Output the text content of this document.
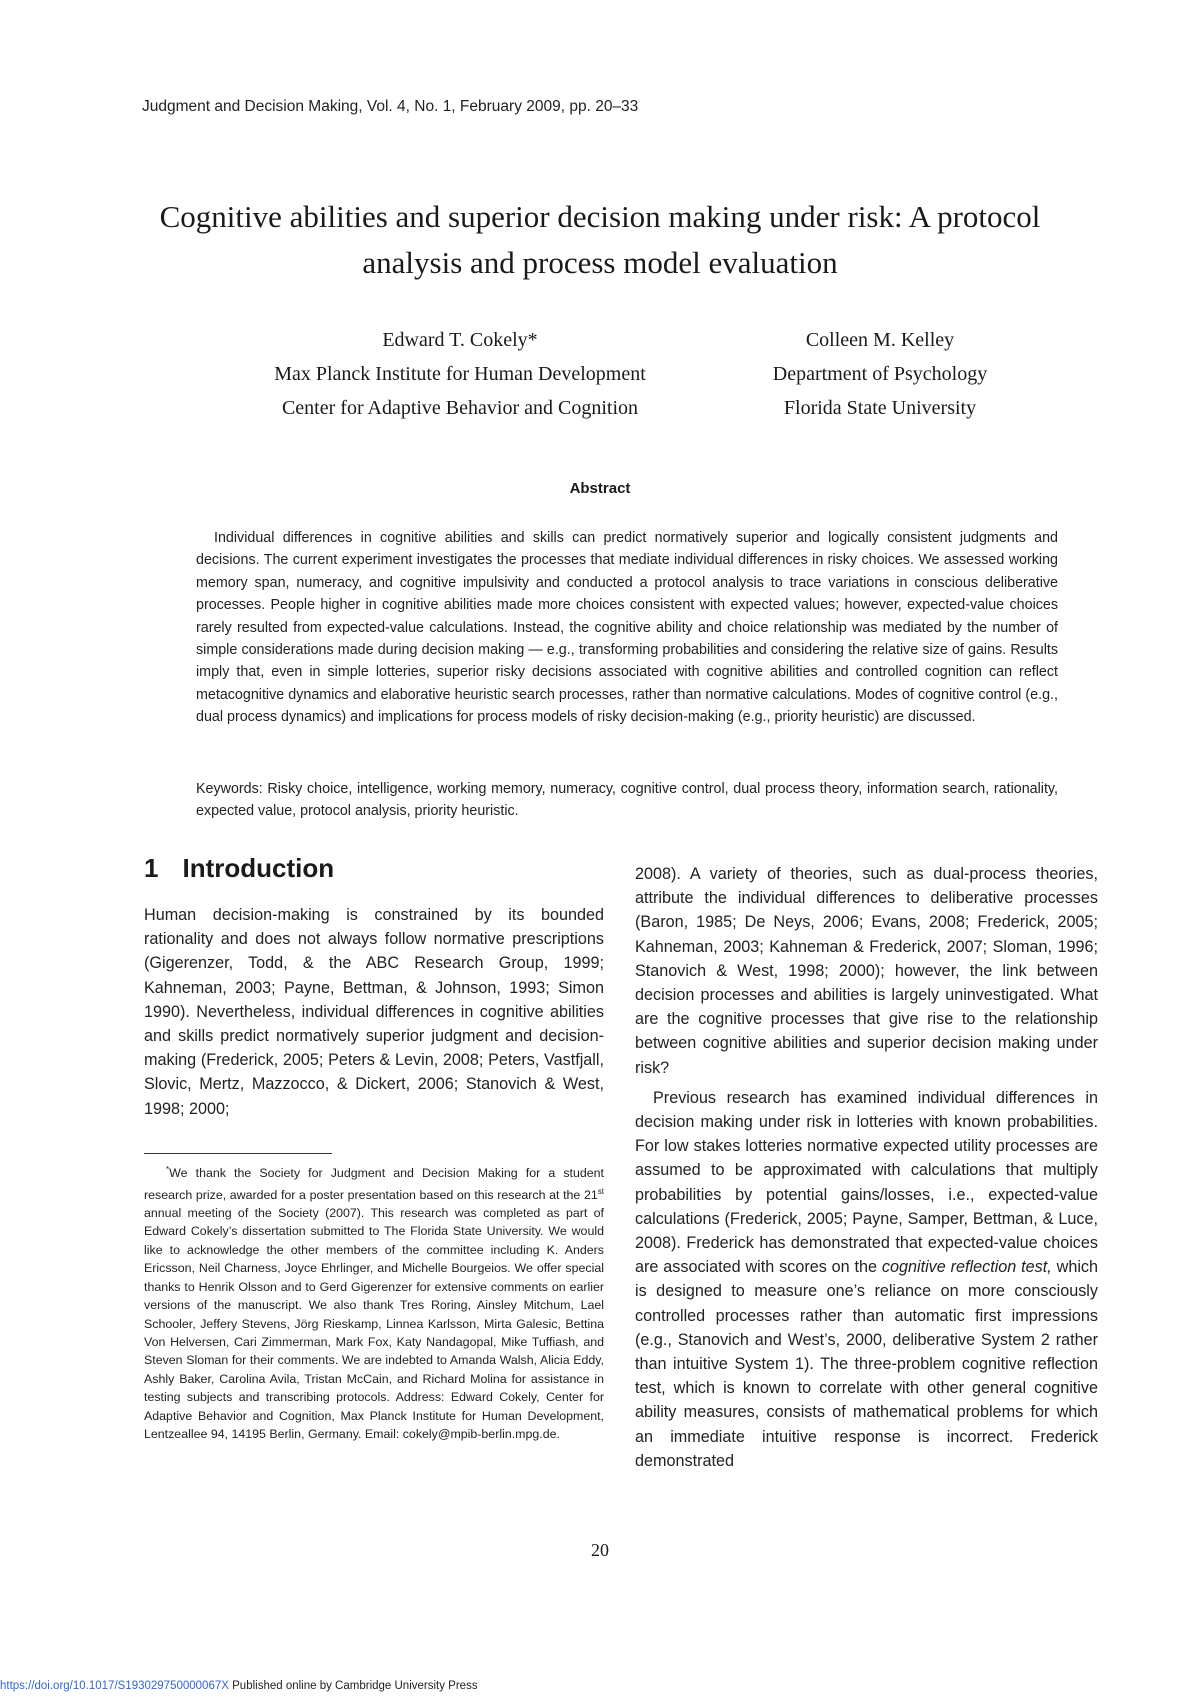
Judgment and Decision Making, Vol. 4, No. 1, February 2009, pp. 20–33
Cognitive abilities and superior decision making under risk: A protocol analysis and process model evaluation
Edward T. Cokely*
Max Planck Institute for Human Development
Center for Adaptive Behavior and Cognition
Colleen M. Kelley
Department of Psychology
Florida State University
Abstract

Individual differences in cognitive abilities and skills can predict normatively superior and logically consistent judgments and decisions. The current experiment investigates the processes that mediate individual differences in risky choices. We assessed working memory span, numeracy, and cognitive impulsivity and conducted a protocol analysis to trace variations in conscious deliberative processes. People higher in cognitive abilities made more choices consistent with expected values; however, expected-value choices rarely resulted from expected-value calculations. Instead, the cognitive ability and choice relationship was mediated by the number of simple considerations made during decision making — e.g., transforming probabilities and considering the relative size of gains. Results imply that, even in simple lotteries, superior risky decisions associated with cognitive abilities and controlled cognition can reflect metacognitive dynamics and elaborative heuristic search processes, rather than normative calculations. Modes of cognitive control (e.g., dual process dynamics) and implications for process models of risky decision-making (e.g., priority heuristic) are discussed.

Keywords: Risky choice, intelligence, working memory, numeracy, cognitive control, dual process theory, information search, rationality, expected value, protocol analysis, priority heuristic.
1 Introduction

Human decision-making is constrained by its bounded rationality and does not always follow normative prescriptions (Gigerenzer, Todd, & the ABC Research Group, 1999; Kahneman, 2003; Payne, Bettman, & Johnson, 1993; Simon 1990). Nevertheless, individual differences in cognitive abilities and skills predict normatively superior judgment and decision-making (Frederick, 2005; Peters & Levin, 2008; Peters, Vastfjall, Slovic, Mertz, Mazzocco, & Dickert, 2006; Stanovich & West, 1998; 2000;

*We thank the Society for Judgment and Decision Making for a student research prize, awarded for a poster presentation based on this research at the 21st annual meeting of the Society (2007). This research was completed as part of Edward Cokely’s dissertation submitted to The Florida State University. We would like to acknowledge the other members of the committee including K. Anders Ericsson, Neil Charness, Joyce Ehrlinger, and Michelle Bourgeios. We offer special thanks to Henrik Olsson and to Gerd Gigerenzer for extensive comments on earlier versions of the manuscript. We also thank Tres Roring, Ainsley Mitchum, Lael Schooler, Jeffery Stevens, Jörg Rieskamp, Linnea Karlsson, Mirta Galesic, Bettina Von Helversen, Cari Zimmerman, Mark Fox, Katy Nandagopal, Mike Tuffiash, and Steven Sloman for their comments. We are indebted to Amanda Walsh, Alicia Eddy, Ashly Baker, Carolina Avila, Tristan McCain, and Richard Molina for assistance in testing subjects and transcribing protocols. Address: Edward Cokely, Center for Adaptive Behavior and Cognition, Max Planck Institute for Human Development, Lentzeallee 94, 14195 Berlin, Germany. Email: cokely@mpib-berlin.mpg.de.

2008). A variety of theories, such as dual-process theories, attribute the individual differences to deliberative processes (Baron, 1985; De Neys, 2006; Evans, 2008; Frederick, 2005; Kahneman, 2003; Kahneman & Frederick, 2007; Sloman, 1996; Stanovich & West, 1998; 2000); however, the link between decision processes and abilities is largely uninvestigated. What are the cognitive processes that give rise to the relationship between cognitive abilities and superior decision making under risk?

Previous research has examined individual differences in decision making under risk in lotteries with known probabilities. For low stakes lotteries normative expected utility processes are assumed to be approximated with calculations that multiply probabilities by potential gains/losses, i.e., expected-value calculations (Frederick, 2005; Payne, Samper, Bettman, & Luce, 2008). Frederick has demonstrated that expected-value choices are associated with scores on the cognitive reflection test, which is designed to measure one’s reliance on more consciously controlled processes rather than automatic first impressions (e.g., Stanovich and West’s, 2000, deliberative System 2 rather than intuitive System 1). The three-problem cognitive reflection test, which is known to correlate with other general cognitive ability measures, consists of mathematical problems for which an immediate intuitive response is incorrect. Frederick demonstrated

20
https://doi.org/10.1017/S193029750000067X Published online by Cambridge University Press
